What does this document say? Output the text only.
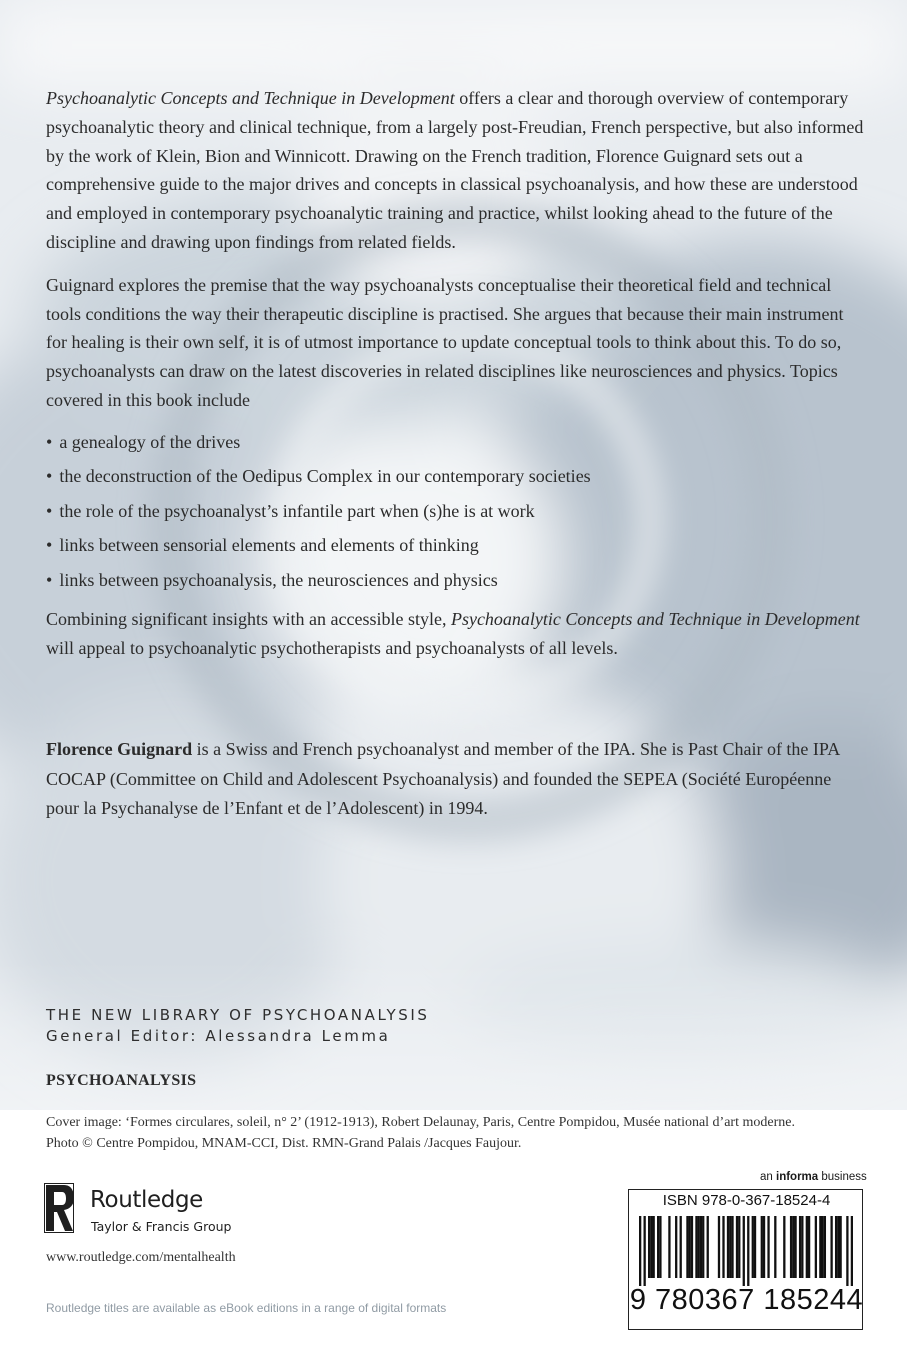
Psychoanalytic Concepts and Technique in Development offers a clear and thorough overview of contemporary psychoanalytic theory and clinical technique, from a largely post-Freudian, French perspective, but also informed by the work of Klein, Bion and Winnicott. Drawing on the French tradition, Florence Guignard sets out a comprehensive guide to the major drives and concepts in classical psychoanalysis, and how these are understood and employed in contemporary psychoanalytic training and practice, whilst looking ahead to the future of the discipline and drawing upon findings from related fields.

Guignard explores the premise that the way psychoanalysts conceptualise their theoretical field and technical tools conditions the way their therapeutic discipline is practised. She argues that because their main instrument for healing is their own self, it is of utmost importance to update conceptual tools to think about this. To do so, psychoanalysts can draw on the latest discoveries in related disciplines like neurosciences and physics. Topics covered in this book include

• a genealogy of the drives
• the deconstruction of the Oedipus Complex in our contemporary societies
• the role of the psychoanalyst’s infantile part when (s)he is at work
• links between sensorial elements and elements of thinking
• links between psychoanalysis, the neurosciences and physics

Combining significant insights with an accessible style, Psychoanalytic Concepts and Technique in Development will appeal to psychoanalytic psychotherapists and psychoanalysts of all levels.

Florence Guignard is a Swiss and French psychoanalyst and member of the IPA. She is Past Chair of the IPA COCAP (Committee on Child and Adolescent Psychoanalysis) and founded the SEPEA (Société Européenne pour la Psychanalyse de l’Enfant et de l’Adolescent) in 1994.
THE NEW LIBRARY OF PSYCHOANALYSIS
General Editor: Alessandra Lemma
PSYCHOANALYSIS
Cover image: ‘Formes circulares, soleil, n° 2’ (1912-1913), Robert Delaunay, Paris, Centre Pompidou, Musée national d’art moderne.
Photo © Centre Pompidou, MNAM-CCI, Dist. RMN-Grand Palais /Jacques Faujour.
Routledge
Taylor & Francis Group
www.routledge.com/mentalhealth
Routledge titles are available as eBook editions in a range of digital formats
an informa business
ISBN 978-0-367-18524-4
9 780367 185244
